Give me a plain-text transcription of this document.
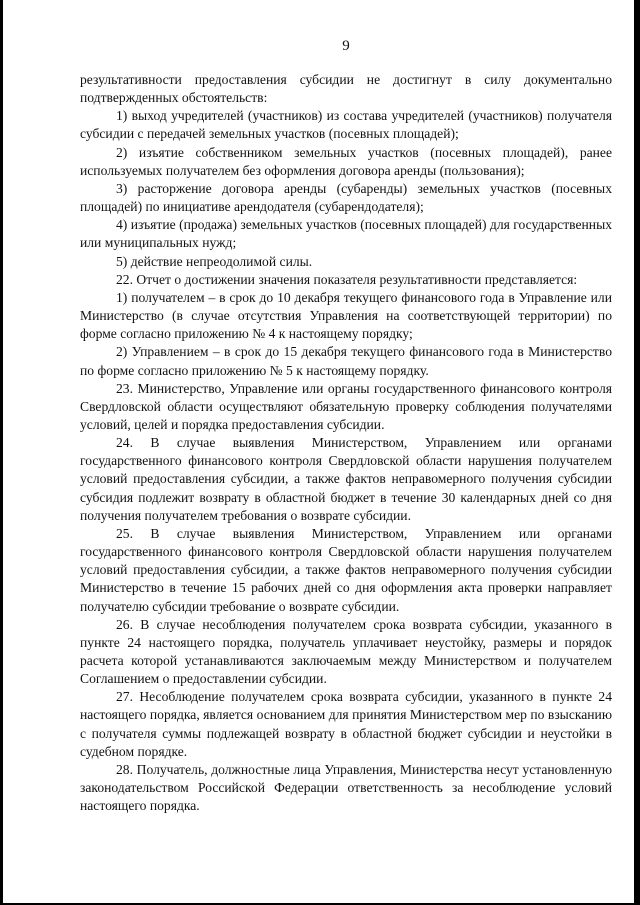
9

результативности предоставления субсидии не достигнут в силу документально подтвержденных обстоятельств:

1) выход учредителей (участников) из состава учредителей (участников) получателя субсидии с передачей земельных участков (посевных площадей);

2) изъятие собственником земельных участков (посевных площадей), ранее используемых получателем без оформления договора аренды (пользования);

3) расторжение договора аренды (субаренды) земельных участков (посевных площадей) по инициативе арендодателя (субарендодателя);

4) изъятие (продажа) земельных участков (посевных площадей) для государственных или муниципальных нужд;

5) действие непреодолимой силы.

22. Отчет о достижении значения показателя результативности представляется:

1) получателем – в срок до 10 декабря текущего финансового года в Управление или Министерство (в случае отсутствия Управления на соответствующей территории) по форме согласно приложению № 4 к настоящему порядку;

2) Управлением – в срок до 15 декабря текущего финансового года в Министерство по форме согласно приложению № 5 к настоящему порядку.

23. Министерство, Управление или органы государственного финансового контроля Свердловской области осуществляют обязательную проверку соблюдения получателями условий, целей и порядка предоставления субсидии.

24. В случае выявления Министерством, Управлением или органами государственного финансового контроля Свердловской области нарушения получателем условий предоставления субсидии, а также фактов неправомерного получения субсидии субсидия подлежит возврату в областной бюджет в течение 30 календарных дней со дня получения получателем требования о возврате субсидии.

25. В случае выявления Министерством, Управлением или органами государственного финансового контроля Свердловской области нарушения получателем условий предоставления субсидии, а также фактов неправомерного получения субсидии Министерство в течение 15 рабочих дней со дня оформления акта проверки направляет получателю субсидии требование о возврате субсидии.

26. В случае несоблюдения получателем срока возврата субсидии, указанного в пункте 24 настоящего порядка, получатель уплачивает неустойку, размеры и порядок расчета которой устанавливаются заключаемым между Министерством и получателем Соглашением о предоставлении субсидии.

27. Несоблюдение получателем срока возврата субсидии, указанного в пункте 24 настоящего порядка, является основанием для принятия Министерством мер по взысканию с получателя суммы подлежащей возврату в областной бюджет субсидии и неустойки в судебном порядке.

28. Получатель, должностные лица Управления, Министерства несут установленную законодательством Российской Федерации ответственность за несоблюдение условий настоящего порядка.
